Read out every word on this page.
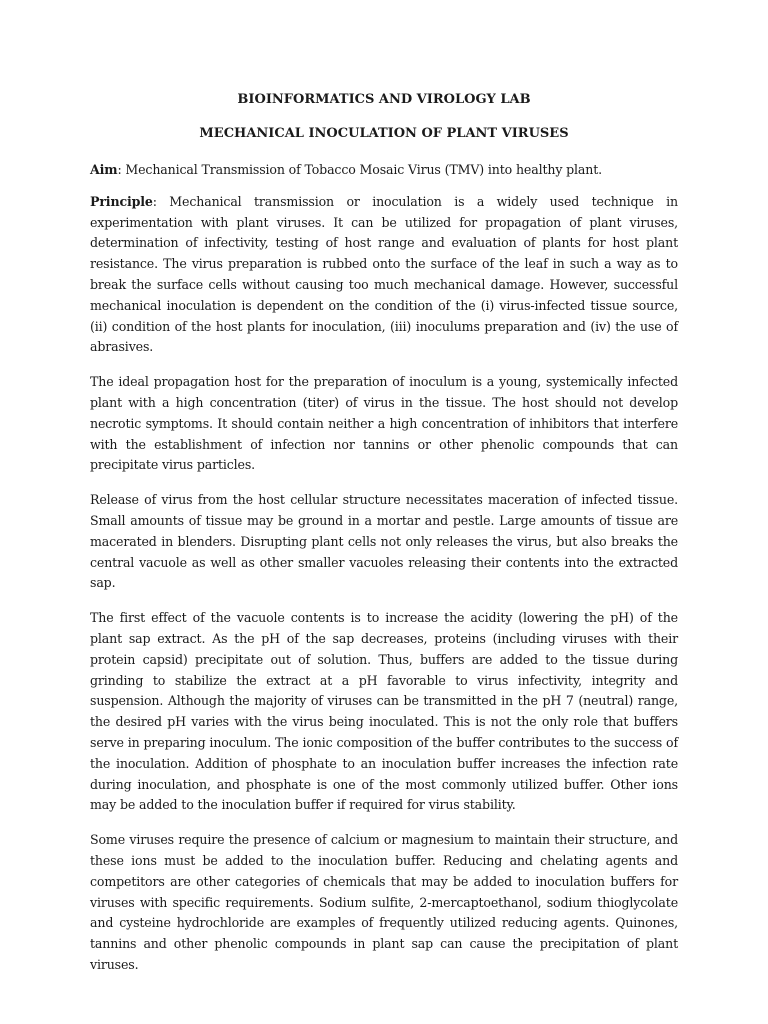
BIOINFORMATICS AND VIROLOGY LAB
MECHANICAL INOCULATION OF PLANT VIRUSES

Aim: Mechanical Transmission of Tobacco Mosaic Virus (TMV) into healthy plant.

Principle: Mechanical transmission or inoculation is a widely used technique in experimentation with plant viruses. It can be utilized for propagation of plant viruses, determination of infectivity, testing of host range and evaluation of plants for host plant resistance. The virus preparation is rubbed onto the surface of the leaf in such a way as to break the surface cells without causing too much mechanical damage. However, successful mechanical inoculation is dependent on the condition of the (i) virus-infected tissue source, (ii) condition of the host plants for inoculation, (iii) inoculums preparation and (iv) the use of abrasives.

The ideal propagation host for the preparation of inoculum is a young, systemically infected plant with a high concentration (titer) of virus in the tissue. The host should not develop necrotic symptoms. It should contain neither a high concentration of inhibitors that interfere with the establishment of infection nor tannins or other phenolic compounds that can precipitate virus particles.

Release of virus from the host cellular structure necessitates maceration of infected tissue. Small amounts of tissue may be ground in a mortar and pestle. Large amounts of tissue are macerated in blenders. Disrupting plant cells not only releases the virus, but also breaks the central vacuole as well as other smaller vacuoles releasing their contents into the extracted sap.

The first effect of the vacuole contents is to increase the acidity (lowering the pH) of the plant sap extract. As the pH of the sap decreases, proteins (including viruses with their protein capsid) precipitate out of solution. Thus, buffers are added to the tissue during grinding to stabilize the extract at a pH favorable to virus infectivity, integrity and suspension. Although the majority of viruses can be transmitted in the pH 7 (neutral) range, the desired pH varies with the virus being inoculated. This is not the only role that buffers serve in preparing inoculum. The ionic composition of the buffer contributes to the success of the inoculation. Addition of phosphate to an inoculation buffer increases the infection rate during inoculation, and phosphate is one of the most commonly utilized buffer. Other ions may be added to the inoculation buffer if required for virus stability.

Some viruses require the presence of calcium or magnesium to maintain their structure, and these ions must be added to the inoculation buffer. Reducing and chelating agents and competitors are other categories of chemicals that may be added to inoculation buffers for viruses with specific requirements. Sodium sulfite, 2-mercaptoethanol, sodium thioglycolate and cysteine hydrochloride are examples of frequently utilized reducing agents. Quinones, tannins and other phenolic compounds in plant sap can cause the precipitation of plant viruses.
